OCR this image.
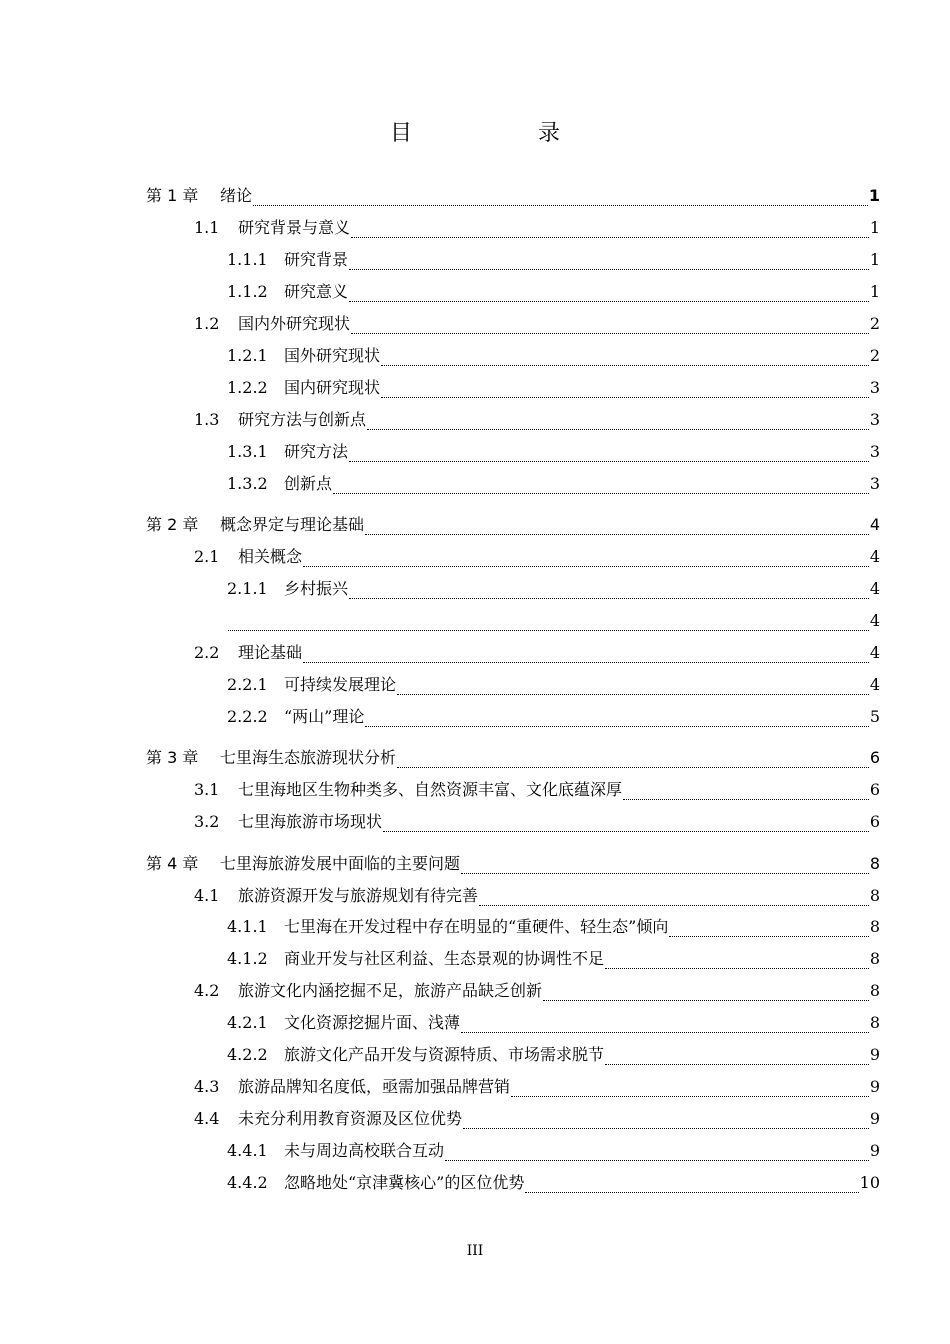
目　录
第 1 章	绪论	1
1.1	研究背景与意义	1
1.1.1	研究背景	1
1.1.2	研究意义	1
1.2	国内外研究现状	2
1.2.1	国外研究现状	2
1.2.2	国内研究现状	3
1.3	研究方法与创新点	3
1.3.1	研究方法	3
1.3.2	创新点	3
第 2 章	概念界定与理论基础	4
2.1	相关概念	4
2.1.1	乡村振兴	4
4
2.2	理论基础	4
2.2.1	可持续发展理论	4
2.2.2	“两山”理论	5
第 3 章	七里海生态旅游现状分析	6
3.1	七里海地区生物种类多、自然资源丰富、文化底蕴深厚	6
3.2	七里海旅游市场现状	6
第 4 章	七里海旅游发展中面临的主要问题	8
4.1	旅游资源开发与旅游规划有待完善	8
4.1.1	七里海在开发过程中存在明显的“重硬件、轻生态”倾向	8
4.1.2	商业开发与社区利益、生态景观的协调性不足	8
4.2	旅游文化内涵挖掘不足，旅游产品缺乏创新	8
4.2.1	文化资源挖掘片面、浅薄	8
4.2.2	旅游文化产品开发与资源特质、市场需求脱节	9
4.3	旅游品牌知名度低，亟需加强品牌营销	9
4.4	未充分利用教育资源及区位优势	9
4.4.1	未与周边高校联合互动	9
4.4.2	忽略地处“京津冀核心”的区位优势	10
III
